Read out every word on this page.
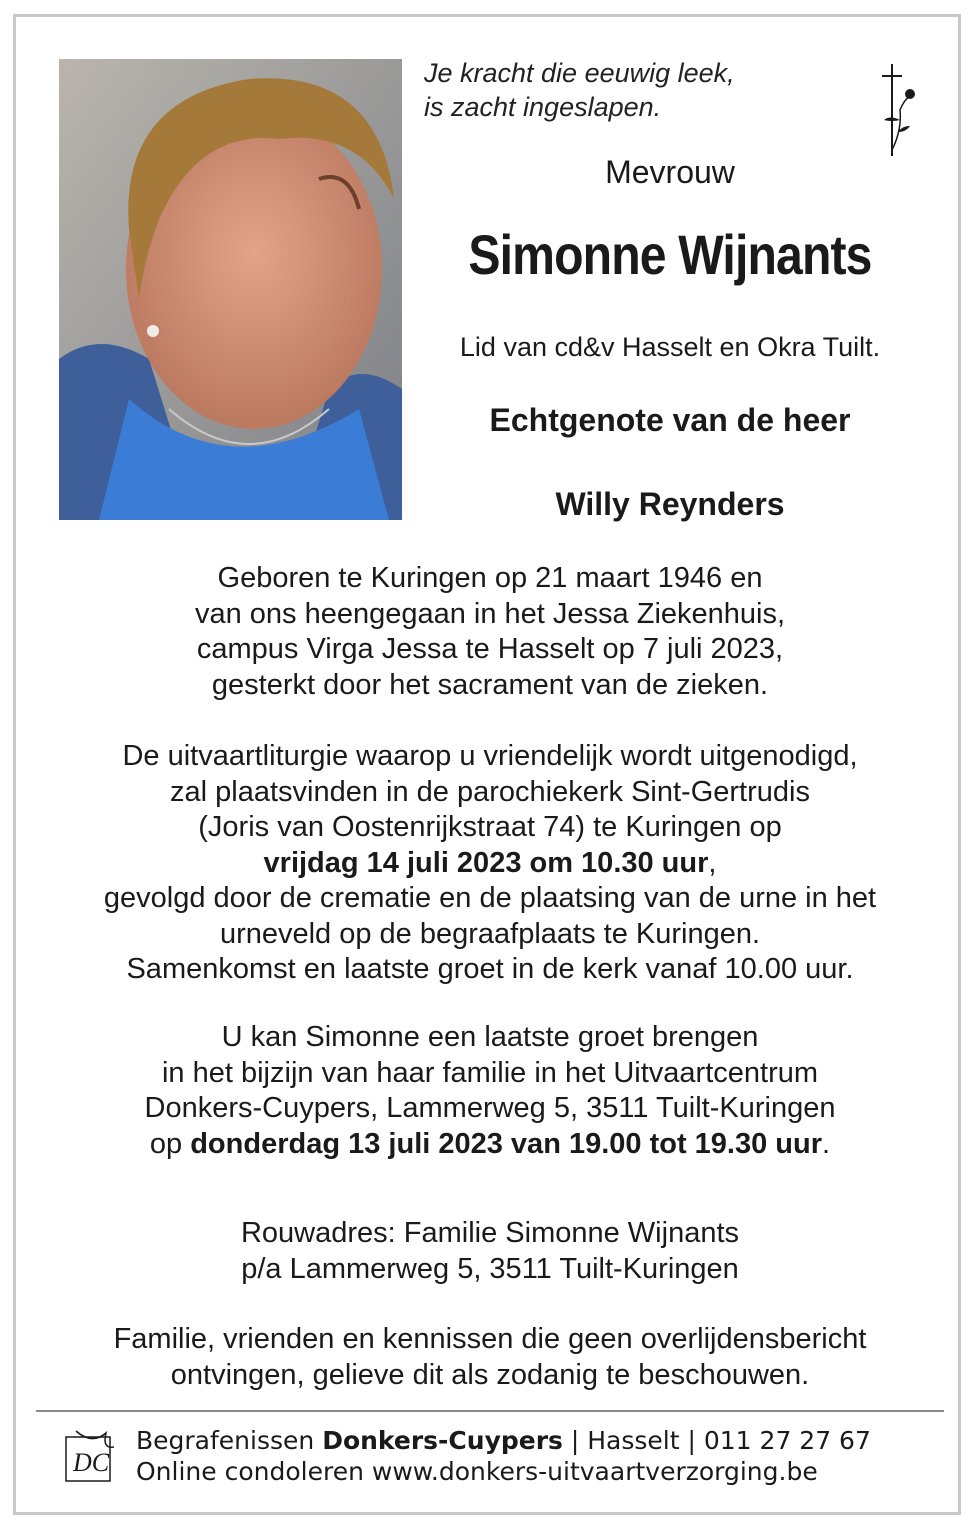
Je kracht die eeuwig leek,
is zacht ingeslapen.
Mevrouw
Simonne Wijnants
Lid van cd&v Hasselt en Okra Tuilt.
Echtgenote van de heer
Willy Reynders
Geboren te Kuringen op 21 maart 1946 en
van ons heengegaan in het Jessa Ziekenhuis,
campus Virga Jessa te Hasselt op 7 juli 2023,
gesterkt door het sacrament van de zieken.
De uitvaartliturgie waarop u vriendelijk wordt uitgenodigd,
zal plaatsvinden in de parochiekerk Sint-Gertrudis
(Joris van Oostenrijkstraat 74) te Kuringen op
vrijdag 14 juli 2023 om 10.30 uur,
gevolgd door de crematie en de plaatsing van de urne in het
urneveld op de begraafplaats te Kuringen.
Samenkomst en laatste groet in de kerk vanaf 10.00 uur.
U kan Simonne een laatste groet brengen
in het bijzijn van haar familie in het Uitvaartcentrum
Donkers-Cuypers, Lammerweg 5, 3511 Tuilt-Kuringen
op donderdag 13 juli 2023 van 19.00 tot 19.30 uur.
Rouwadres: Familie Simonne Wijnants
p/a Lammerweg 5, 3511 Tuilt-Kuringen
Familie, vrienden en kennissen die geen overlijdensbericht
ontvingen, gelieve dit als zodanig te beschouwen.
DC
Begrafenissen Donkers-Cuypers | Hasselt | 011 27 27 67
Online condoleren www.donkers-uitvaartverzorging.be
